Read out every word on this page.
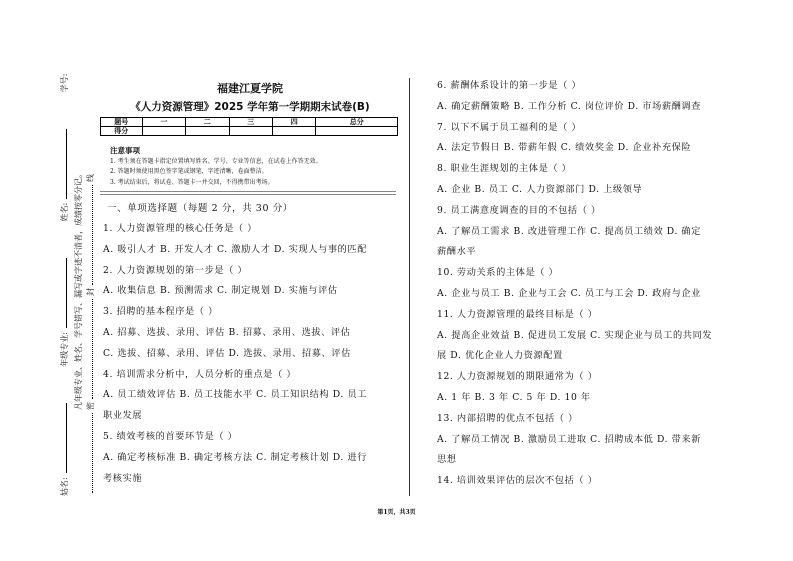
姑名: 年级专业: 姓名: 学号:
凡年级专业、姓名、学号错写、漏写或字迹不清者，成绩按零分记。 密封线
福建江夏学院
《人力资源管理》2025 学年第一学期期末试卷(B)
题号	一	二	三	四	总分
得分					
注意事项
1. 考生须在答题卡指定位置填写姓名、学号、专业等信息，在试卷上作答无效。
2. 答题时须使用黑色签字笔或钢笔，字迹清晰，卷面整洁。
3. 考试结束后，将试卷、答题卡一并交回，不得携带出考场。
一、单项选择题（每题 2 分，共 30 分）
1. 人力资源管理的核心任务是（ ）
A. 吸引人才 B. 开发人才 C. 激励人才 D. 实现人与事的匹配
2. 人力资源规划的第一步是（ ）
A. 收集信息 B. 预测需求 C. 制定规划 D. 实施与评估
3. 招聘的基本程序是（ ）
A. 招募、选拔、录用、评估 B. 招募、录用、选拔、评估
C. 选拔、招募、录用、评估 D. 选拔、录用、招募、评估
4. 培训需求分析中，人员分析的重点是（ ）
A. 员工绩效评估 B. 员工技能水平 C. 员工知识结构 D. 员工
职业发展
5. 绩效考核的首要环节是（ ）
A. 确定考核标准 B. 确定考核方法 C. 制定考核计划 D. 进行
考核实施
6. 薪酬体系设计的第一步是（ ）
A. 确定薪酬策略 B. 工作分析 C. 岗位评价 D. 市场薪酬调查
7. 以下不属于员工福利的是（ ）
A. 法定节假日 B. 带薪年假 C. 绩效奖金 D. 企业补充保险
8. 职业生涯规划的主体是（ ）
A. 企业 B. 员工 C. 人力资源部门 D. 上级领导
9. 员工满意度调查的目的不包括（ ）
A. 了解员工需求 B. 改进管理工作 C. 提高员工绩效 D. 确定
薪酬水平
10. 劳动关系的主体是（ ）
A. 企业与员工 B. 企业与工会 C. 员工与工会 D. 政府与企业
11. 人力资源管理的最终目标是（ ）
A. 提高企业效益 B. 促进员工发展 C. 实现企业与员工的共同发
展 D. 优化企业人力资源配置
12. 人力资源规划的期限通常为（ ）
A. 1 年 B. 3 年 C. 5 年 D. 10 年
13. 内部招聘的优点不包括（ ）
A. 了解员工情况 B. 激励员工进取 C. 招聘成本低 D. 带来新
思想
14. 培训效果评估的层次不包括（ ）
第1页，共3页
